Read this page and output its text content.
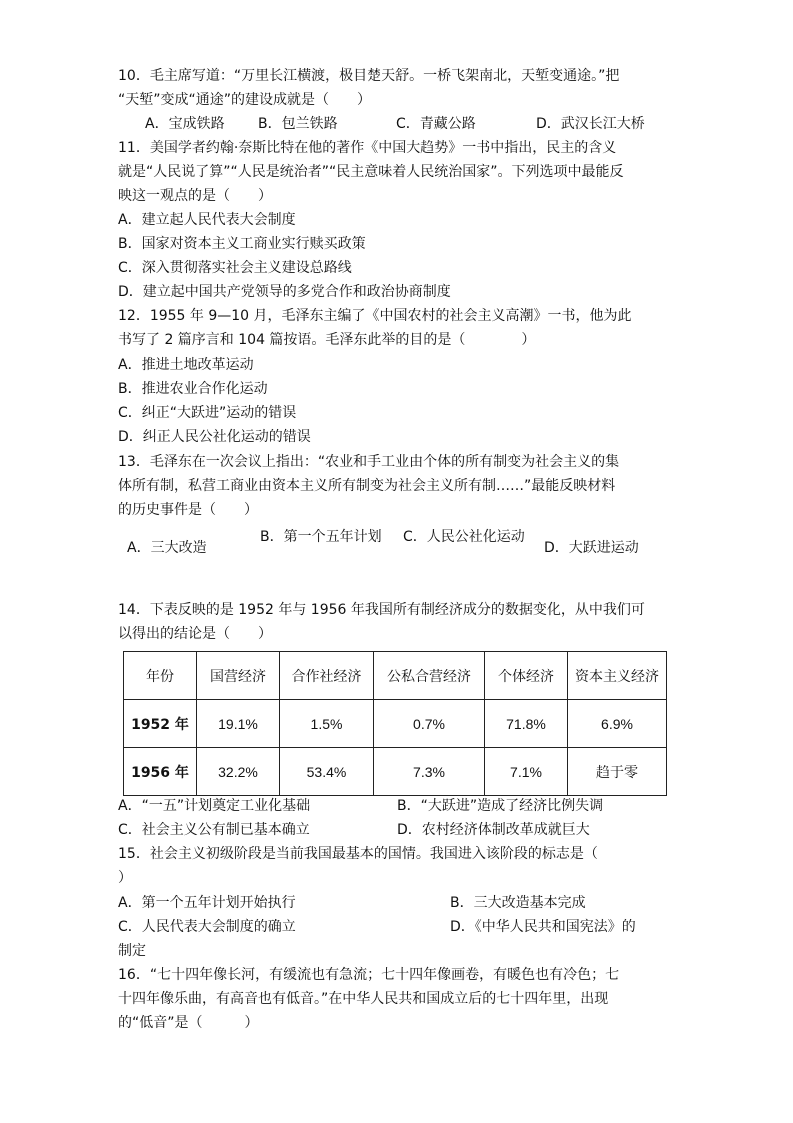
10．毛主席写道：“万里长江横渡，极目楚天舒。一桥飞架南北，天堑变通途。”把
“天堑”变成“通途”的建设成就是（　　）
A．宝成铁路 B．包兰铁路	C．青藏公路	D．武汉长江大桥
11．美国学者约翰·奈斯比特在他的著作《中国大趋势》一书中指出，民主的含义
就是“人民说了算”“人民是统治者”“民主意味着人民统治国家”。下列选项中最能反
映这一观点的是（　　）
A．建立起人民代表大会制度
B．国家对资本主义工商业实行赎买政策
C．深入贯彻落实社会主义建设总路线
D．建立起中国共产党领导的多党合作和政治协商制度
12．1955 年 9—10 月，毛泽东主编了《中国农村的社会主义高潮》一书，他为此
书写了 2 篇序言和 104 篇按语。毛泽东此举的目的是（　　　　）
A．推进土地改革运动
B．推进农业合作化运动
C．纠正“大跃进”运动的错误
D．纠正人民公社化运动的错误
13．毛泽东在一次会议上指出：“农业和手工业由个体的所有制变为社会主义的集
体所有制，私营工商业由资本主义所有制变为社会主义所有制……”最能反映材料
的历史事件是（　　）
A．三大改造
B．第一个五年计划	C．人民公社化运动
D．大跃进运动
14．下表反映的是 1952 年与 1956 年我国所有制经济成分的数据变化，从中我们可
以得出的结论是（　　）
年份	国营经济	合作社经济	公私合营经济	个体经济	资本主义经济
1952 年	19.1%	1.5%	0.7%	71.8%	6.9%
1956 年	32.2%	53.4%	7.3%	7.1%	趋于零
A．“一五”计划奠定工业化基础	B．“大跃进”造成了经济比例失调
C．社会主义公有制已基本确立	D．农村经济体制改革成就巨大
15．社会主义初级阶段是当前我国最基本的国情。我国进入该阶段的标志是（
）
A．第一个五年计划开始执行	B．三大改造基本完成
C．人民代表大会制度的确立	D．《中华人民共和国宪法》的
制定
16．“七十四年像长河，有缓流也有急流；七十四年像画卷，有暖色也有冷色；七
十四年像乐曲，有高音也有低音。”在中华人民共和国成立后的七十四年里，出现
的“低音”是（　　　）
